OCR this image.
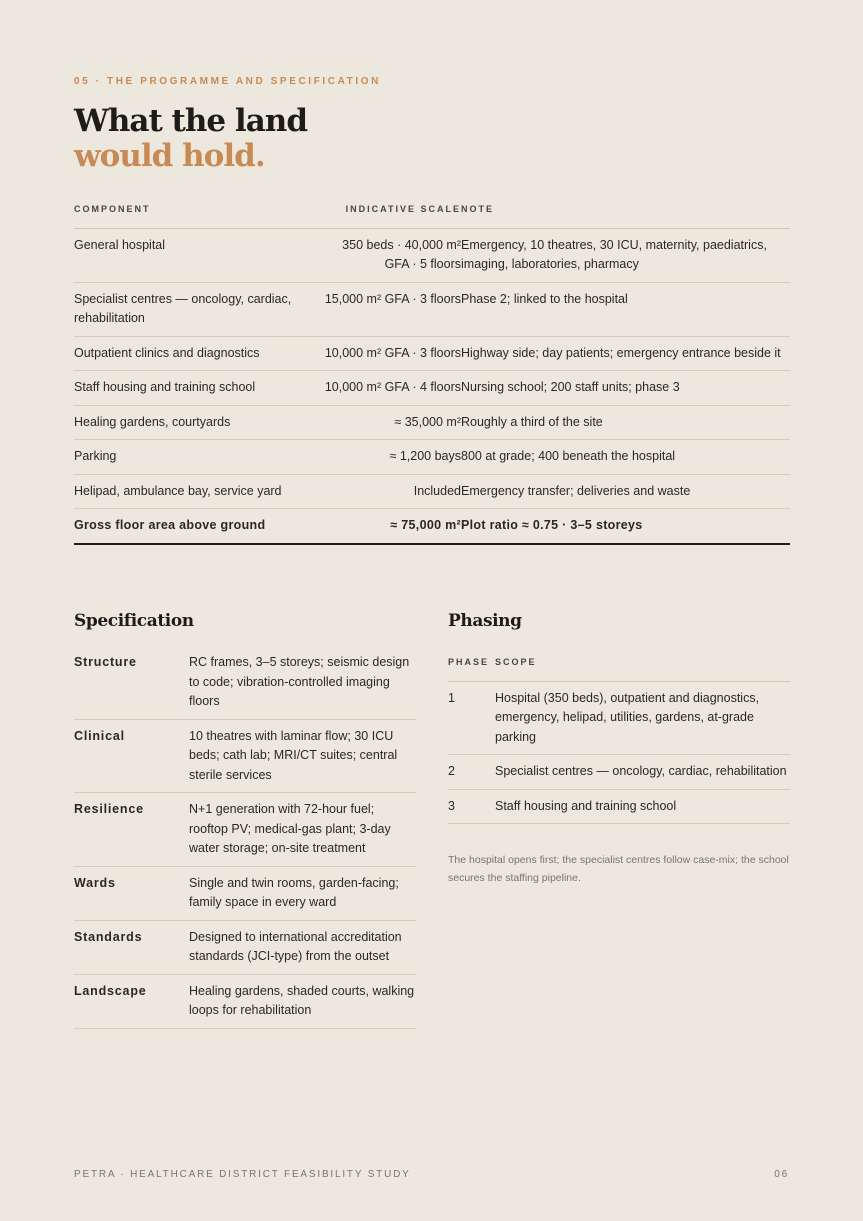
05 · THE PROGRAMME AND SPECIFICATION
What the land
would hold.
COMPONENT	INDICATIVE SCALE	NOTE
General hospital	350 beds · 40,000 m² GFA · 5 floors	Emergency, 10 theatres, 30 ICU, maternity, paediatrics, imaging, laboratories, pharmacy
Specialist centres — oncology, cardiac, rehabilitation	15,000 m² GFA · 3 floors	Phase 2; linked to the hospital
Outpatient clinics and diagnostics	10,000 m² GFA · 3 floors	Highway side; day patients; emergency entrance beside it
Staff housing and training school	10,000 m² GFA · 4 floors	Nursing school; 200 staff units; phase 3
Healing gardens, courtyards	≈ 35,000 m²	Roughly a third of the site
Parking	≈ 1,200 bays	800 at grade; 400 beneath the hospital
Helipad, ambulance bay, service yard	Included	Emergency transfer; deliveries and waste
Gross floor area above ground	≈ 75,000 m²	Plot ratio ≈ 0.75 · 3–5 storeys
Specification
Structure	RC frames, 3–5 storeys; seismic design to code; vibration-controlled imaging floors
Clinical	10 theatres with laminar flow; 30 ICU beds; cath lab; MRI/CT suites; central sterile services
Resilience	N+1 generation with 72-hour fuel; rooftop PV; medical-gas plant; 3-day water storage; on-site treatment
Wards	Single and twin rooms, garden-facing; family space in every ward
Standards	Designed to international accreditation standards (JCI-type) from the outset
Landscape	Healing gardens, shaded courts, walking loops for rehabilitation
Phasing
PHASE	SCOPE
1	Hospital (350 beds), outpatient and diagnostics, emergency, helipad, utilities, gardens, at-grade parking
2	Specialist centres — oncology, cardiac, rehabilitation
3	Staff housing and training school

The hospital opens first; the specialist centres follow case-mix; the school secures the staffing pipeline.

PETRA · HEALTHCARE DISTRICT FEASIBILITY STUDY	06
